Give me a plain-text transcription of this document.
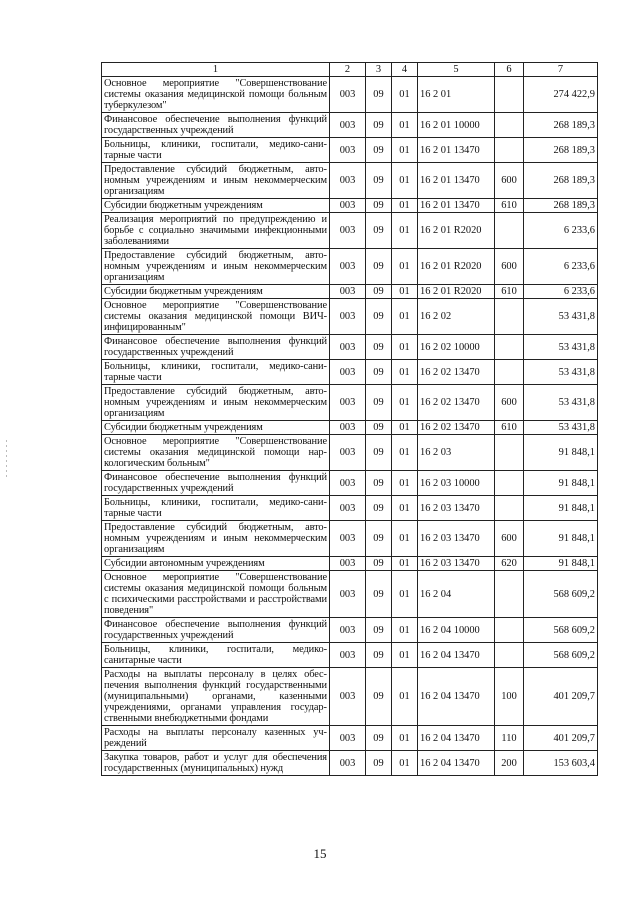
1	2	3	4	5	6	7
Основное мероприятие "Совершенствование системы оказания медицинской помощи больным туберкулезом"	003	09	01	16 2 01		274 422,9
Финансовое обеспечение выполнения функций государственных учреждений	003	09	01	16 2 01 10000		268 189,3
Больницы, клиники, госпитали, медико-санитарные части	003	09	01	16 2 01 13470		268 189,3
Предоставление субсидий бюджетным, автономным учреждениям и иным некоммерческим организациям	003	09	01	16 2 01 13470	600	268 189,3
Субсидии бюджетным учреждениям	003	09	01	16 2 01 13470	610	268 189,3
Реализация мероприятий по предупреждению и борьбе с социально значимыми инфекционными заболеваниями	003	09	01	16 2 01 R2020		6 233,6
Предоставление субсидий бюджетным, автономным учреждениям и иным некоммерческим организациям	003	09	01	16 2 01 R2020	600	6 233,6
Субсидии бюджетным учреждениям	003	09	01	16 2 01 R2020	610	6 233,6
Основное мероприятие "Совершенствование системы оказания медицинской помощи ВИЧ-инфицированным"	003	09	01	16 2 02		53 431,8
Финансовое обеспечение выполнения функций государственных учреждений	003	09	01	16 2 02 10000		53 431,8
Больницы, клиники, госпитали, медико-санитарные части	003	09	01	16 2 02 13470		53 431,8
Предоставление субсидий бюджетным, автономным учреждениям и иным некоммерческим организациям	003	09	01	16 2 02 13470	600	53 431,8
Субсидии бюджетным учреждениям	003	09	01	16 2 02 13470	610	53 431,8
Основное мероприятие "Совершенствование системы оказания медицинской помощи наркологическим больным"	003	09	01	16 2 03		91 848,1
Финансовое обеспечение выполнения функций государственных учреждений	003	09	01	16 2 03 10000		91 848,1
Больницы, клиники, госпитали, медико-санитарные части	003	09	01	16 2 03 13470		91 848,1
Предоставление субсидий бюджетным, автономным учреждениям и иным некоммерческим организациям	003	09	01	16 2 03 13470	600	91 848,1
Субсидии автономным учреждениям	003	09	01	16 2 03 13470	620	91 848,1
Основное мероприятие "Совершенствование системы оказания медицинской помощи больным с психическими расстройствами и расстройствами поведения"	003	09	01	16 2 04		568 609,2
Финансовое обеспечение выполнения функций государственных учреждений	003	09	01	16 2 04 10000		568 609,2
Больницы, клиники, госпитали, медико-санитарные части	003	09	01	16 2 04 13470		568 609,2
Расходы на выплаты персоналу в целях обеспечения выполнения функций государственными (муниципальными) органами, казенными учреждениями, органами управления государственными внебюджетными фондами	003	09	01	16 2 04 13470	100	401 209,7
Расходы на выплаты персоналу казенных учреждений	003	09	01	16 2 04 13470	110	401 209,7
Закупка товаров, работ и услуг для обеспечения государственных (муниципальных) нужд	003	09	01	16 2 04 13470	200	153 603,4
15
